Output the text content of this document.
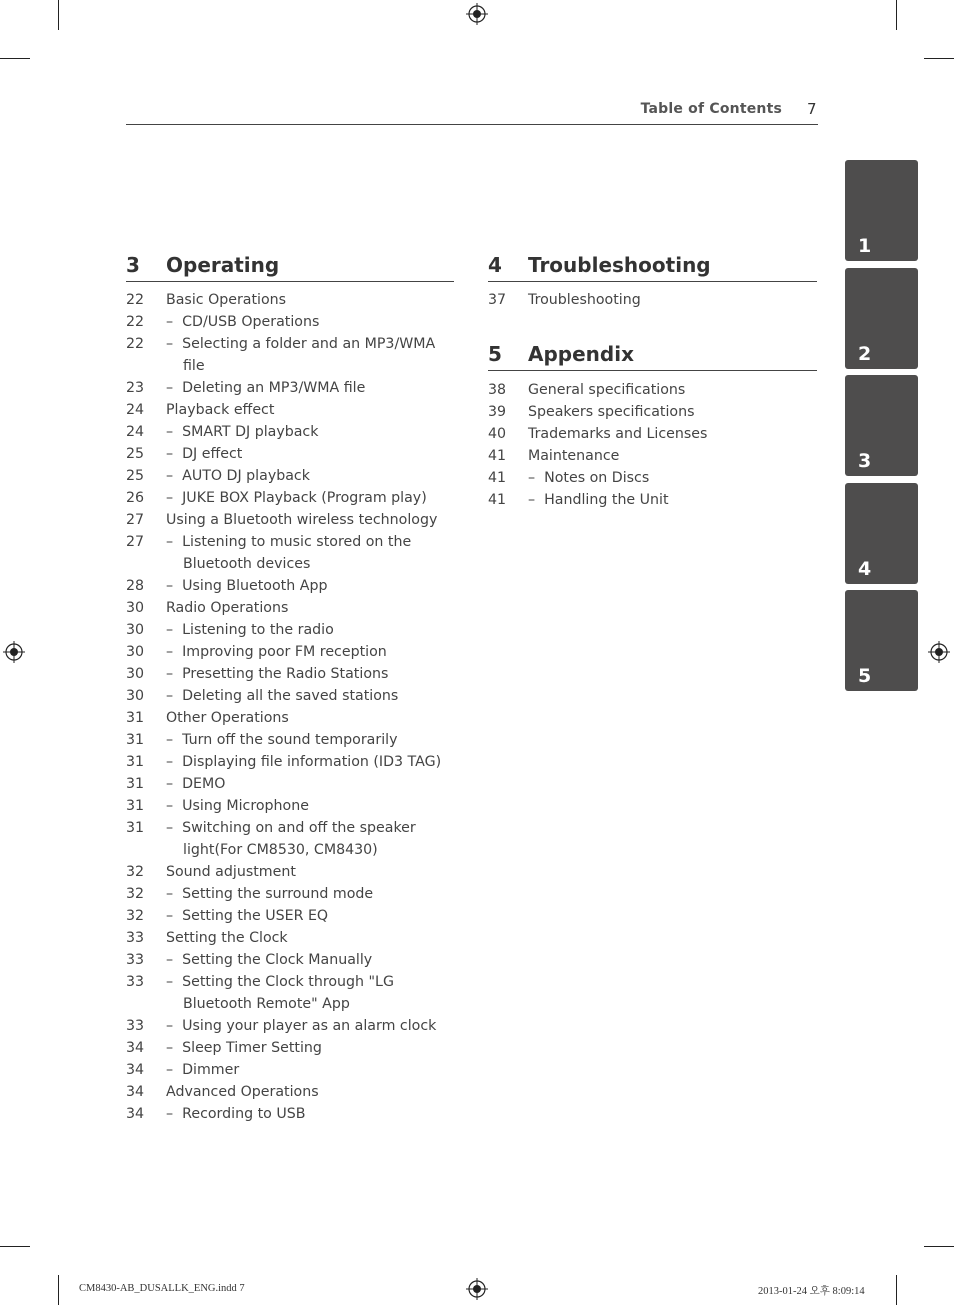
Table of Contents 7
3	Operating
22	Basic Operations
22	– CD/USB Operations
22	– Selecting a folder and an MP3/WMA file
23	– Deleting an MP3/WMA file
24	Playback effect
24	– SMART DJ playback
25	– DJ effect
25	– AUTO DJ playback
26	– JUKE BOX Playback (Program play)
27	Using a Bluetooth wireless technology
27	– Listening to music stored on the Bluetooth devices
28	– Using Bluetooth App
30	Radio Operations
30	– Listening to the radio
30	– Improving poor FM reception
30	– Presetting the Radio Stations
30	– Deleting all the saved stations
31	Other Operations
31	– Turn off the sound temporarily
31	– Displaying file information (ID3 TAG)
31	– DEMO
31	– Using Microphone
31	– Switching on and off the speaker light(For CM8530, CM8430)
32	Sound adjustment
32	– Setting the surround mode
32	– Setting the USER EQ
33	Setting the Clock
33	– Setting the Clock Manually
33	– Setting the Clock through "LG Bluetooth Remote" App
33	– Using your player as an alarm clock
34	– Sleep Timer Setting
34	– Dimmer
34	Advanced Operations
34	– Recording to USB
4	Troubleshooting
37	Troubleshooting
5	Appendix
38	General specifications
39	Speakers specifications
40	Trademarks and Licenses
41	Maintenance
41	– Notes on Discs
41	– Handling the Unit
1
2
3
4
5
CM8430-AB_DUSALLK_ENG.indd 7	2013-01-24 오후 8:09:14
